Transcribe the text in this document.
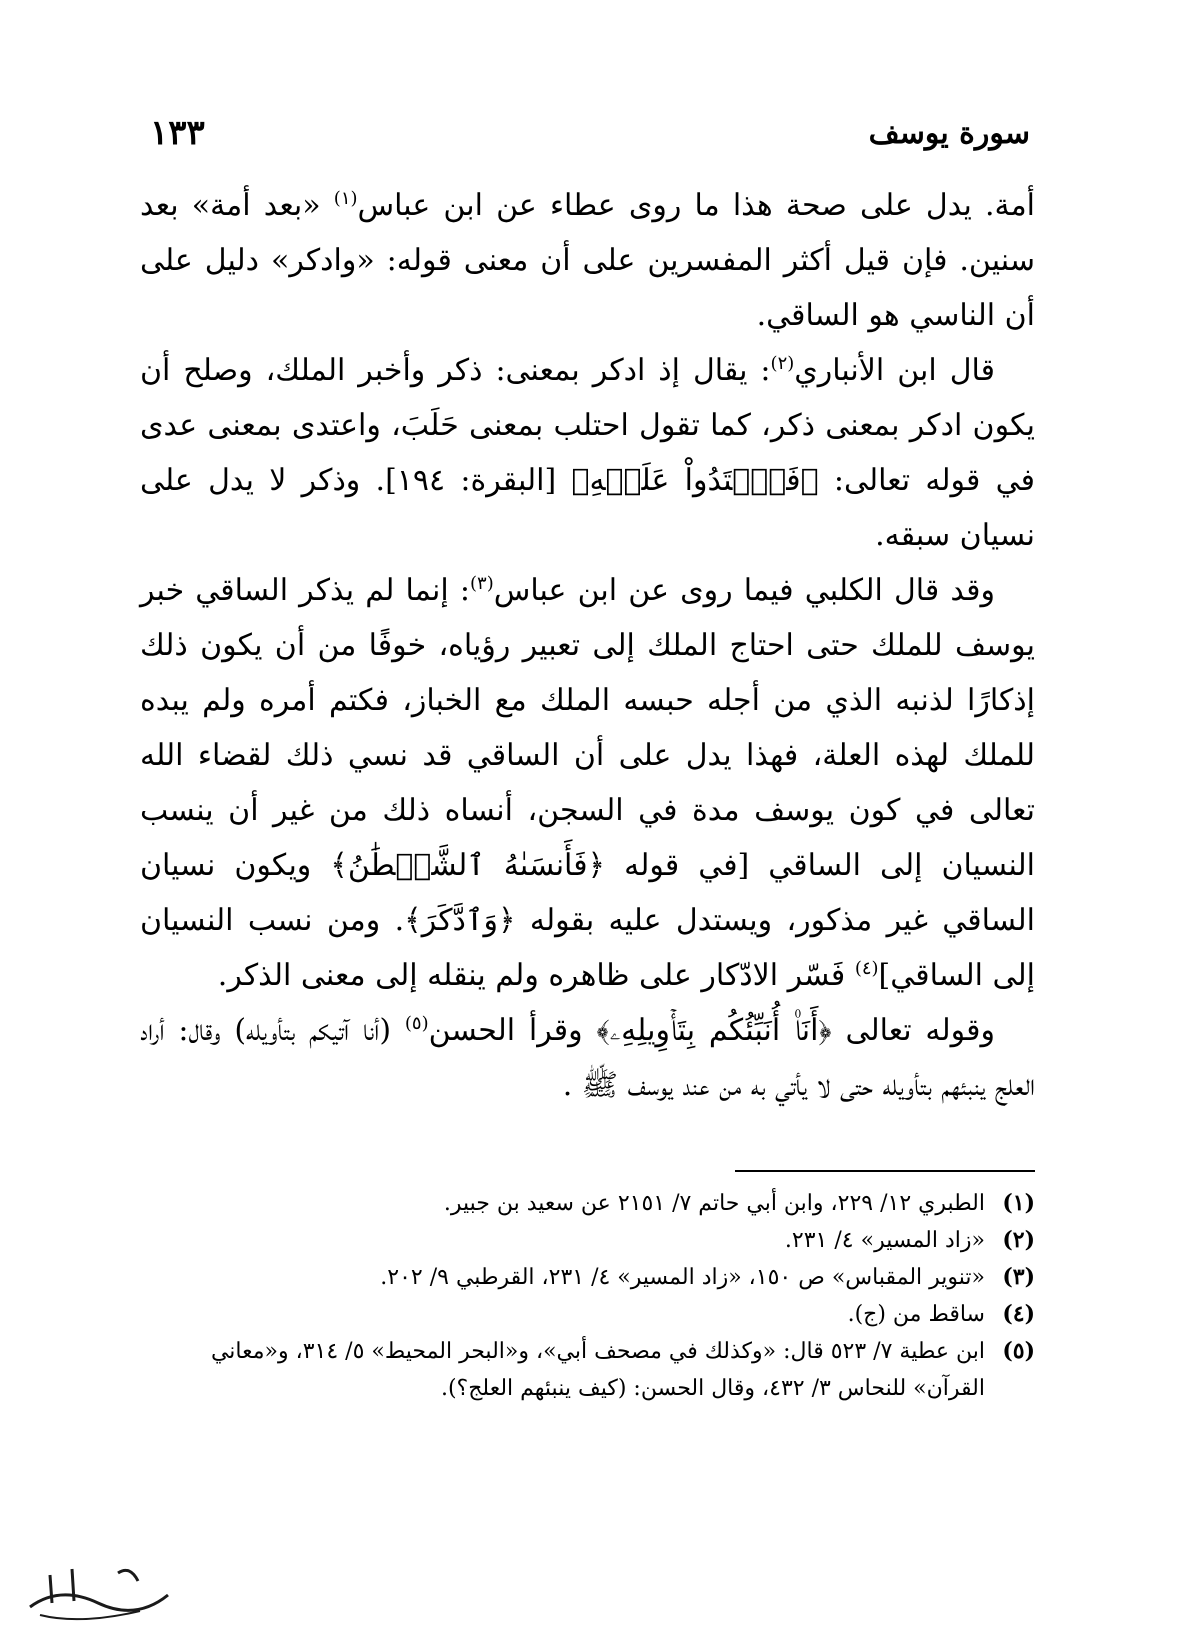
سورة يوسف
١٣٣

أمة. يدل على صحة هذا ما روى عطاء عن ابن عباس$^{(١)}$ «بعد أمة» بعد سنين. فإن قيل أكثر المفسرين على أن معنى قوله: «وادكر» دليل على أن الناسي هو الساقي.

قال ابن الأنباري$^{(٢)}$: يقال إذ ادكر بمعنى: ذكر وأخبر الملك، وصلح أن يكون ادكر بمعنى ذكر، كما تقول احتلب بمعنى حَلَبَ، واعتدى بمعنى عدى في قوله تعالى: ﴿فَٱعۡتَدُواْ عَلَيۡهِ﴾ [البقرة: ١٩٤]. وذكر لا يدل على نسيان سبقه.

وقد قال الكلبي فيما روى عن ابن عباس$^{(٣)}$: إنما لم يذكر الساقي خبر يوسف للملك حتى احتاج الملك إلى تعبير رؤياه، خوفًا من أن يكون ذلك إذكارًا لذنبه الذي من أجله حبسه الملك مع الخباز، فكتم أمره ولم يبده للملك لهذه العلة، فهذا يدل على أن الساقي قد نسي ذلك لقضاء الله تعالى في كون يوسف مدة في السجن، أنساه ذلك من غير أن ينسب النسيان إلى الساقي [في قوله ﴿فَأَنسَىٰهُ ٱلشَّيۡطَٰنُ﴾ ويكون نسيان الساقي غير مذكور، ويستدل عليه بقوله ﴿وَٱدَّكَرَ﴾. ومن نسب النسيان إلى الساقي]$^{(٤)}$ فَسّر الادّكار على ظاهره ولم ينقله إلى معنى الذكر.

وقوله تعالى ﴿أَنَا۠ أُنَبِّئُكُم بِتَأۡوِيلِهِۦ﴾ وقرأ الحسن$^{(٥)}$ (أنا آتيكم بتأويله) وقال: أراد العلج ينبئهم بتأويله حتى لا يأتي به من عند يوسف ﷺ .

(١)
الطبري ١٢/ ٢٢٩، وابن أبي حاتم ٧/ ٢١٥١ عن سعيد بن جبير.
(٢)
«زاد المسير» ٤/ ٢٣١.
(٣)
«تنوير المقباس» ص ١٥٠، «زاد المسير» ٤/ ٢٣١، القرطبي ٩/ ٢٠٢.
(٤)
ساقط من (ج).
(٥)
ابن عطية ٧/ ٥٢٣ قال: «وكذلك في مصحف أبي»، و«البحر المحيط» ٥/ ٣١٤، و«معاني القرآن» للنحاس ٣/ ٤٣٢، وقال الحسن: (كيف ينبئهم العلج؟).
